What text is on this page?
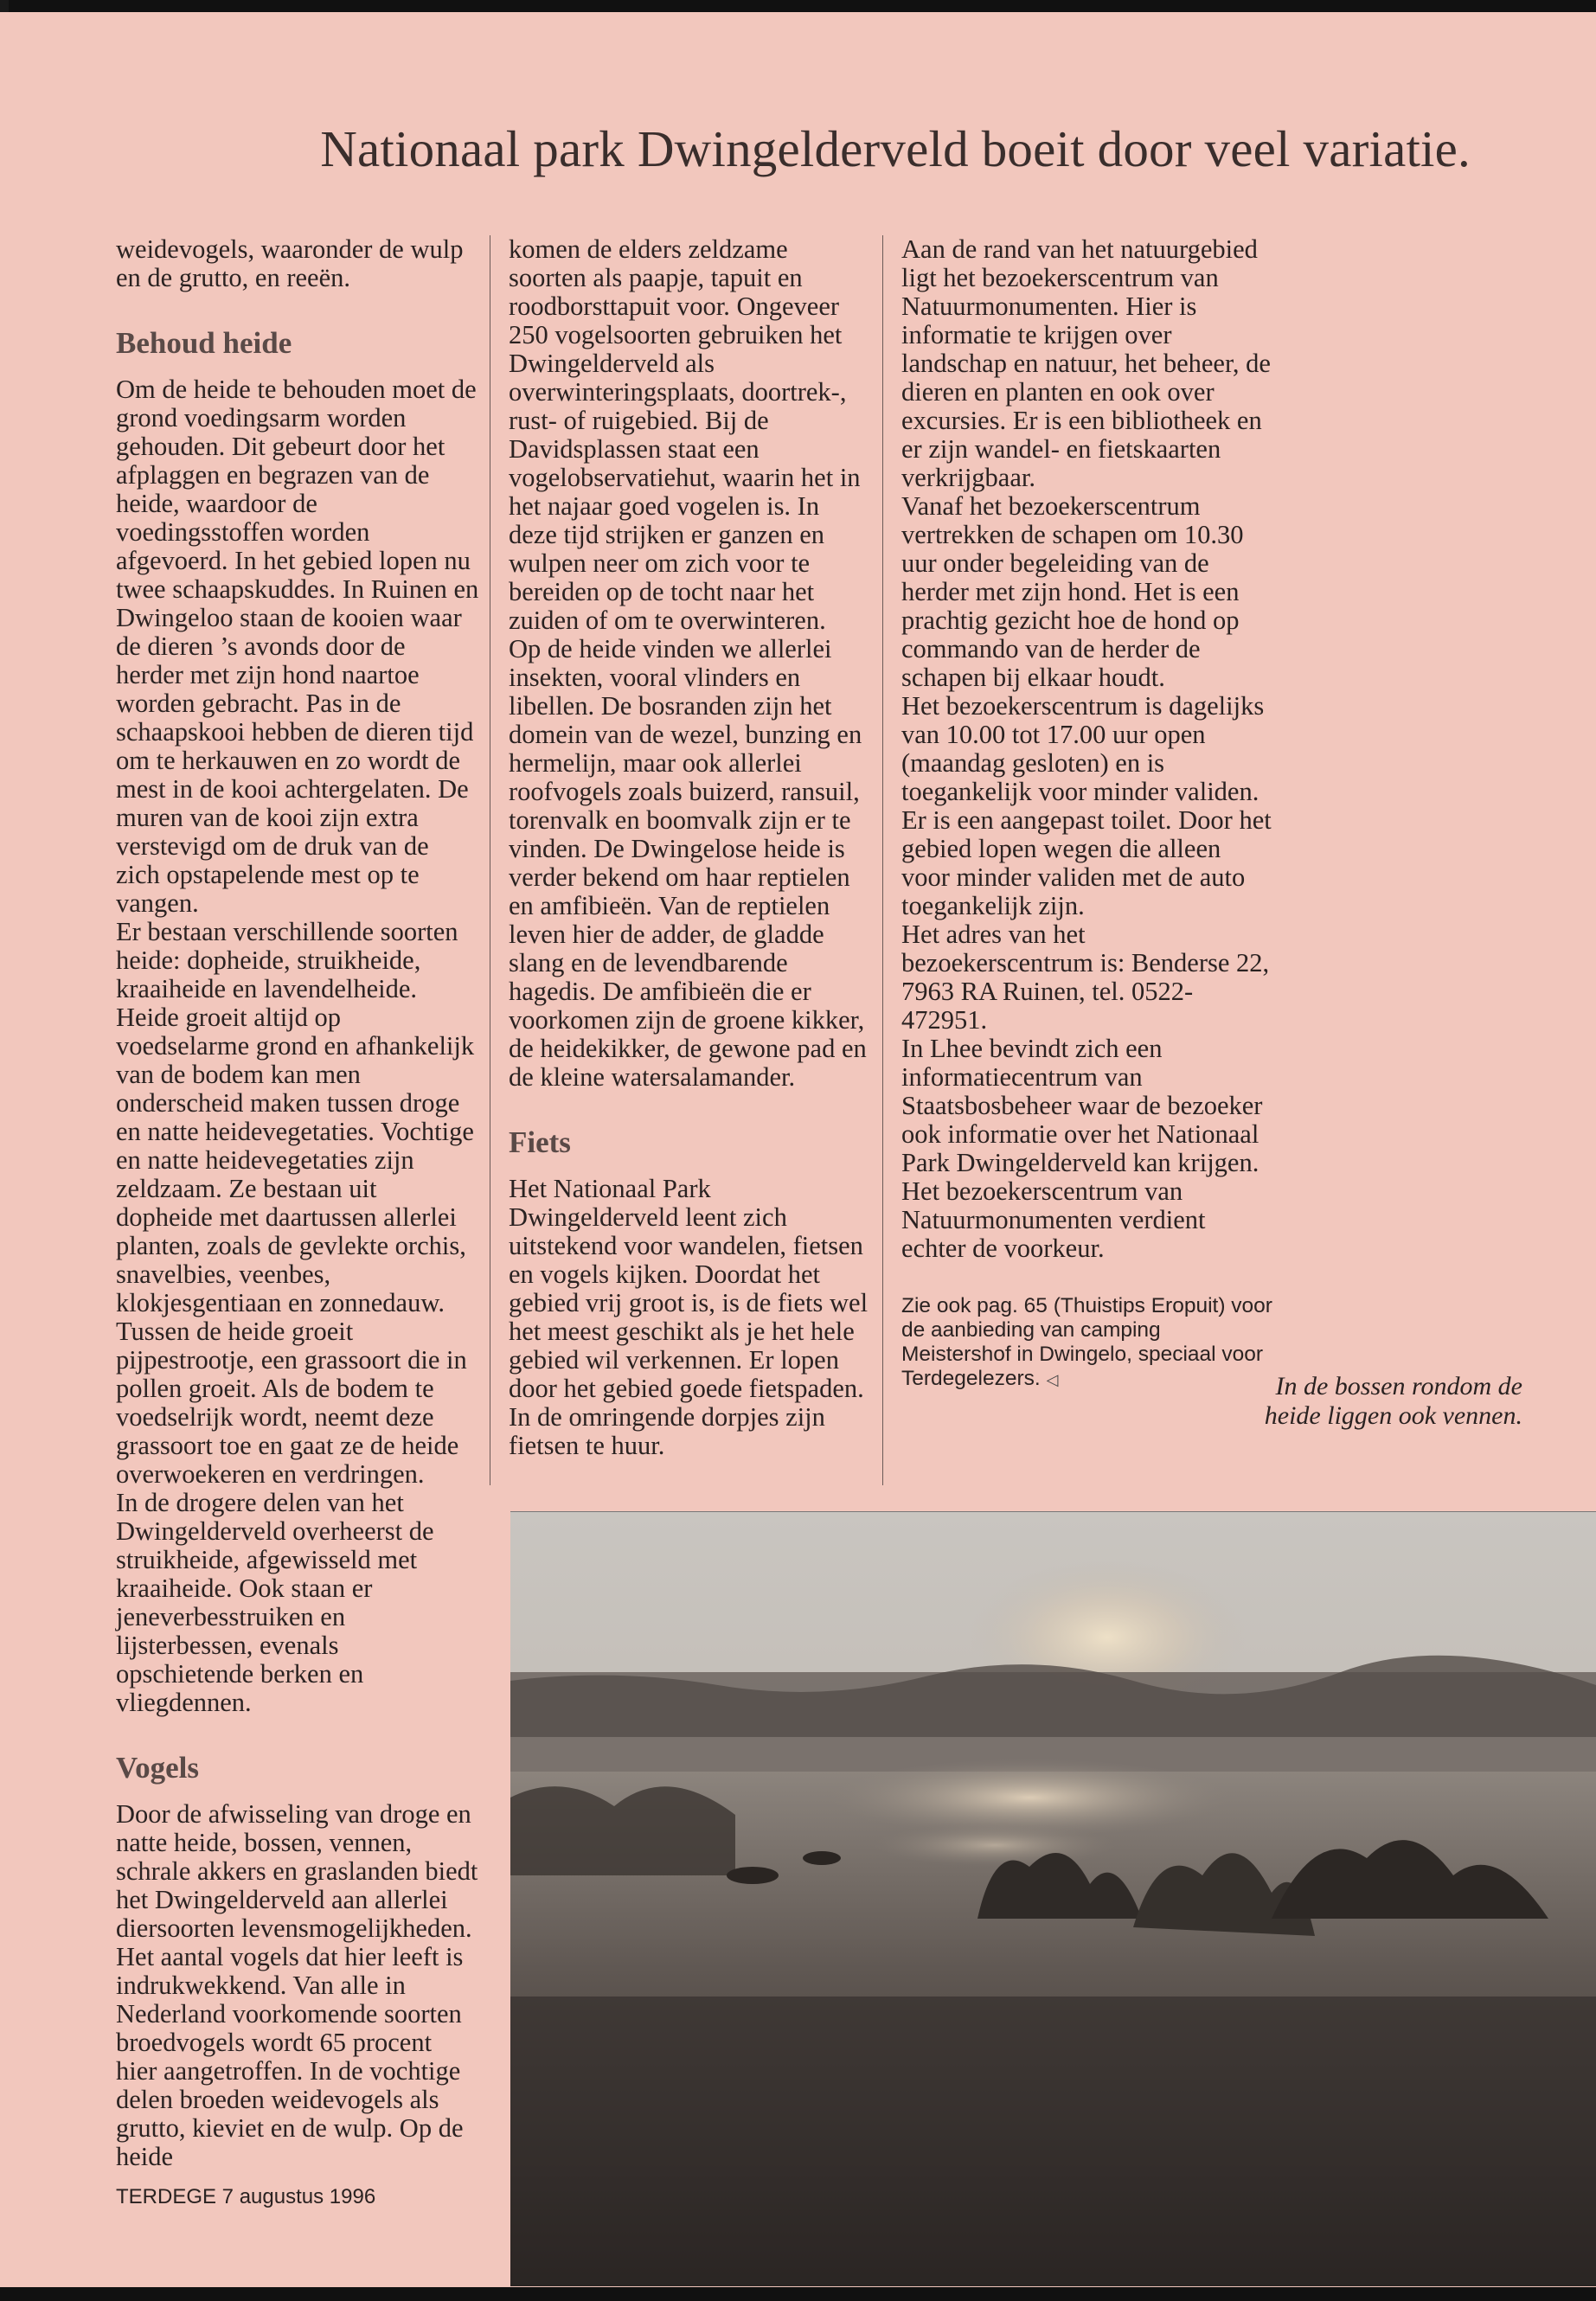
Nationaal park Dwingelderveld boeit door veel variatie.

weidevogels, waaronder de wulp en de grutto, en reeën.

Behoud heide

Om de heide te behouden moet de grond voedingsarm worden gehouden. Dit gebeurt door het afplaggen en begrazen van de heide, waardoor de voedingsstoffen worden afgevoerd. In het gebied lopen nu twee schaapskuddes. In Ruinen en Dwingeloo staan de kooien waar de dieren ’s avonds door de herder met zijn hond naartoe worden gebracht. Pas in de schaapskooi hebben de dieren tijd om te herkauwen en zo wordt de mest in de kooi achtergelaten. De muren van de kooi zijn extra verstevigd om de druk van de zich opstapelende mest op te vangen.

Er bestaan verschillende soorten heide: dopheide, struikheide, kraaiheide en lavendelheide. Heide groeit altijd op voedselarme grond en afhankelijk van de bodem kan men onderscheid maken tussen droge en natte heidevegetaties. Vochtige en natte heidevegetaties zijn zeldzaam. Ze bestaan uit dopheide met daartussen allerlei planten, zoals de gevlekte orchis, snavelbies, veenbes, klokjesgentiaan en zonnedauw. Tussen de heide groeit pijpestrootje, een grassoort die in pollen groeit. Als de bodem te voedselrijk wordt, neemt deze grassoort toe en gaat ze de heide overwoekeren en verdringen.

In de drogere delen van het Dwingelderveld overheerst de struikheide, afgewisseld met kraaiheide. Ook staan er jeneverbesstruiken en lijsterbessen, evenals opschietende berken en vliegdennen.

Vogels

Door de afwisseling van droge en natte heide, bossen, vennen, schrale akkers en graslanden biedt het Dwingelderveld aan allerlei diersoorten levensmogelijkheden. Het aantal vogels dat hier leeft is indrukwekkend. Van alle in Nederland voorkomende soorten broedvogels wordt 65 procent hier aangetroffen. In de vochtige delen broeden weidevogels als grutto, kieviet en de wulp. Op de heide

komen de elders zeldzame soorten als paapje, tapuit en roodborsttapuit voor. Ongeveer 250 vogelsoorten gebruiken het Dwingelderveld als overwinteringsplaats, doortrek-, rust- of ruigebied. Bij de Davidsplassen staat een vogelobservatiehut, waarin het in het najaar goed vogelen is. In deze tijd strijken er ganzen en wulpen neer om zich voor te bereiden op de tocht naar het zuiden of om te overwinteren.

Op de heide vinden we allerlei insekten, vooral vlinders en libellen. De bosranden zijn het domein van de wezel, bunzing en hermelijn, maar ook allerlei roofvogels zoals buizerd, ransuil, torenvalk en boomvalk zijn er te vinden. De Dwingelose heide is verder bekend om haar reptielen en amfibieën. Van de reptielen leven hier de adder, de gladde slang en de levendbarende hagedis. De amfibieën die er voorkomen zijn de groene kikker, de heidekikker, de gewone pad en de kleine watersalamander.

Fiets

Het Nationaal Park Dwingelderveld leent zich uitstekend voor wandelen, fietsen en vogels kijken. Doordat het gebied vrij groot is, is de fiets wel het meest geschikt als je het hele gebied wil verkennen. Er lopen door het gebied goede fietspaden. In de omringende dorpjes zijn fietsen te huur.

Aan de rand van het natuurgebied ligt het bezoekerscentrum van Natuurmonumenten. Hier is informatie te krijgen over landschap en natuur, het beheer, de dieren en planten en ook over excursies. Er is een bibliotheek en er zijn wandel- en fietskaarten verkrijgbaar.

Vanaf het bezoekerscentrum vertrekken de schapen om 10.30 uur onder begeleiding van de herder met zijn hond. Het is een prachtig gezicht hoe de hond op commando van de herder de schapen bij elkaar houdt.

Het bezoekerscentrum is dagelijks van 10.00 tot 17.00 uur open (maandag gesloten) en is toegankelijk voor minder validen. Er is een aangepast toilet. Door het gebied lopen wegen die alleen voor minder validen met de auto toegankelijk zijn.

Het adres van het bezoekerscentrum is: Benderse 22, 7963 RA Ruinen, tel. 0522-472951.

In Lhee bevindt zich een informatiecentrum van Staatsbosbeheer waar de bezoeker ook informatie over het Nationaal Park Dwingelderveld kan krijgen. Het bezoekerscentrum van Natuurmonumenten verdient echter de voorkeur.

Zie ook pag. 65 (Thuistips Eropuit) voor de aanbieding van camping Meistershof in Dwingelo, speciaal voor Terdegelezers. ◁	In de bossen rondom de heide liggen ook vennen.
TERDEGE 7 augustus 1996
